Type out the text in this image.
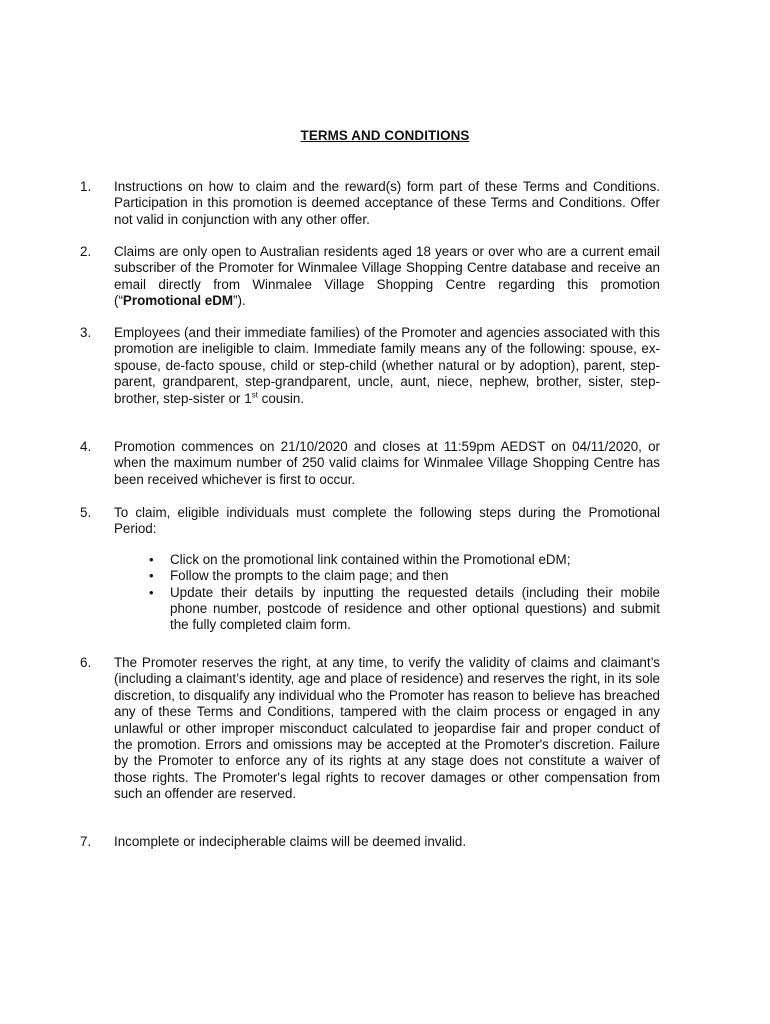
TERMS AND CONDITIONS
1.	Instructions on how to claim and the reward(s) form part of these Terms and Conditions. Participation in this promotion is deemed acceptance of these Terms and Conditions. Offer not valid in conjunction with any other offer.

2.	Claims are only open to Australian residents aged 18 years or over who are a current email subscriber of the Promoter for Winmalee Village Shopping Centre database and receive an email directly from Winmalee Village Shopping Centre regarding this promotion (“Promotional eDM”).

3.	Employees (and their immediate families) of the Promoter and agencies associated with this promotion are ineligible to claim. Immediate family means any of the following: spouse, ex-spouse, de-facto spouse, child or step-child (whether natural or by adoption), parent, step-parent, grandparent, step-grandparent, uncle, aunt, niece, nephew, brother, sister, step-brother, step-sister or 1st cousin.

4.	Promotion commences on 21/10/2020 and closes at 11:59pm AEDST on 04/11/2020, or when the maximum number of 250 valid claims for Winmalee Village Shopping Centre has been received whichever is first to occur.

5.	To claim, eligible individuals must complete the following steps during the Promotional Period:

• Click on the promotional link contained within the Promotional eDM;
• Follow the prompts to the claim page; and then
• Update their details by inputting the requested details (including their mobile phone number, postcode of residence and other optional questions) and submit the fully completed claim form.
6.	The Promoter reserves the right, at any time, to verify the validity of claims and claimant’s (including a claimant’s identity, age and place of residence) and reserves the right, in its sole discretion, to disqualify any individual who the Promoter has reason to believe has breached any of these Terms and Conditions, tampered with the claim process or engaged in any unlawful or other improper misconduct calculated to jeopardise fair and proper conduct of the promotion. Errors and omissions may be accepted at the Promoter's discretion. Failure by the Promoter to enforce any of its rights at any stage does not constitute a waiver of those rights. The Promoter's legal rights to recover damages or other compensation from such an offender are reserved.

7.	Incomplete or indecipherable claims will be deemed invalid.
